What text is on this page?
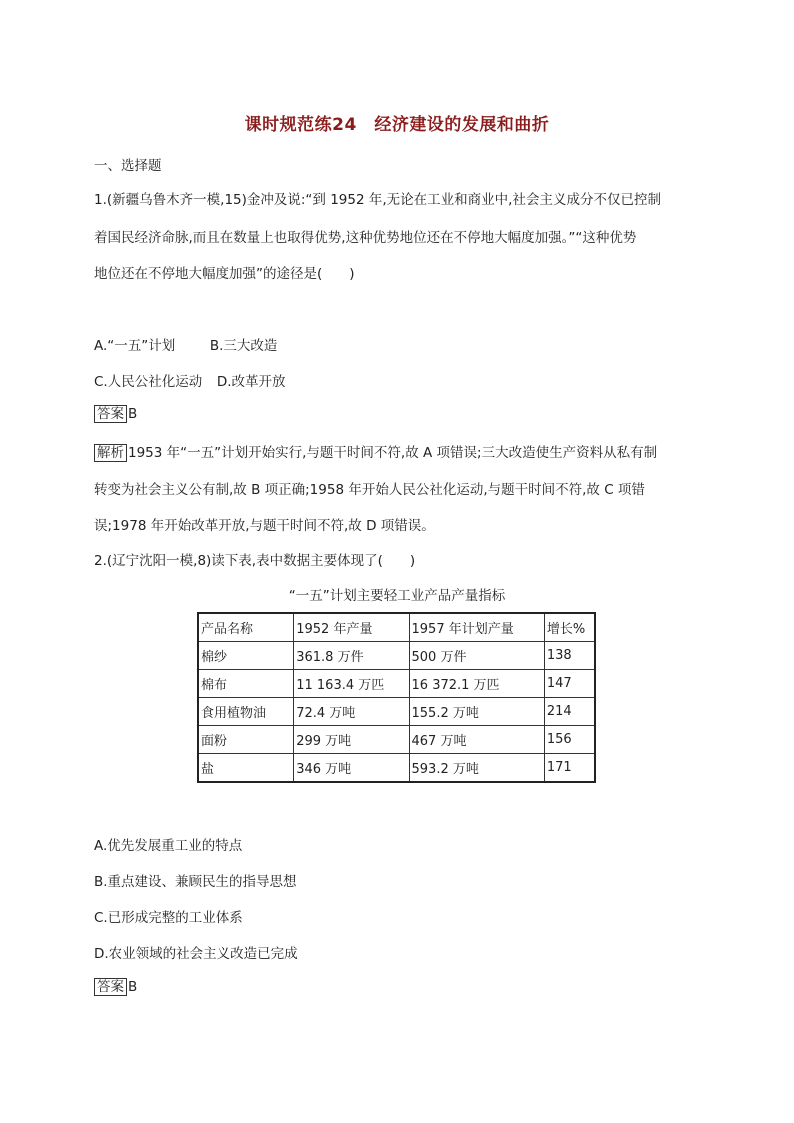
课时规范练24　经济建设的发展和曲折
一、选择题
1.(新疆乌鲁木齐一模,15)金冲及说:“到 1952 年,无论在工业和商业中,社会主义成分不仅已控制
着国民经济命脉,而且在数量上也取得优势,这种优势地位还在不停地大幅度加强。”“这种优势
地位还在不停地大幅度加强”的途径是(　　)
A.“一五”计划	B.三大改造
C.人民公社化运动 D.改革开放
答案 B
解析 1953 年“一五”计划开始实行,与题干时间不符,故 A 项错误;三大改造使生产资料从私有制
转变为社会主义公有制,故 B 项正确;1958 年开始人民公社化运动,与题干时间不符,故 C 项错
误;1978 年开始改革开放,与题干时间不符,故 D 项错误。
2.(辽宁沈阳一模,8)读下表,表中数据主要体现了(　　)
“一五”计划主要轻工业产品产量指标
产品名称	1952 年产量	1957 年计划产量	增长%
棉纱	361.8 万件	500 万件	138
棉布	11 163.4 万匹	16 372.1 万匹	147
食用植物油	72.4 万吨	155.2 万吨	214
面粉	299 万吨	467 万吨	156
盐	346 万吨	593.2 万吨	171
A.优先发展重工业的特点
B.重点建设、兼顾民生的指导思想
C.已形成完整的工业体系
D.农业领域的社会主义改造已完成
答案 B
